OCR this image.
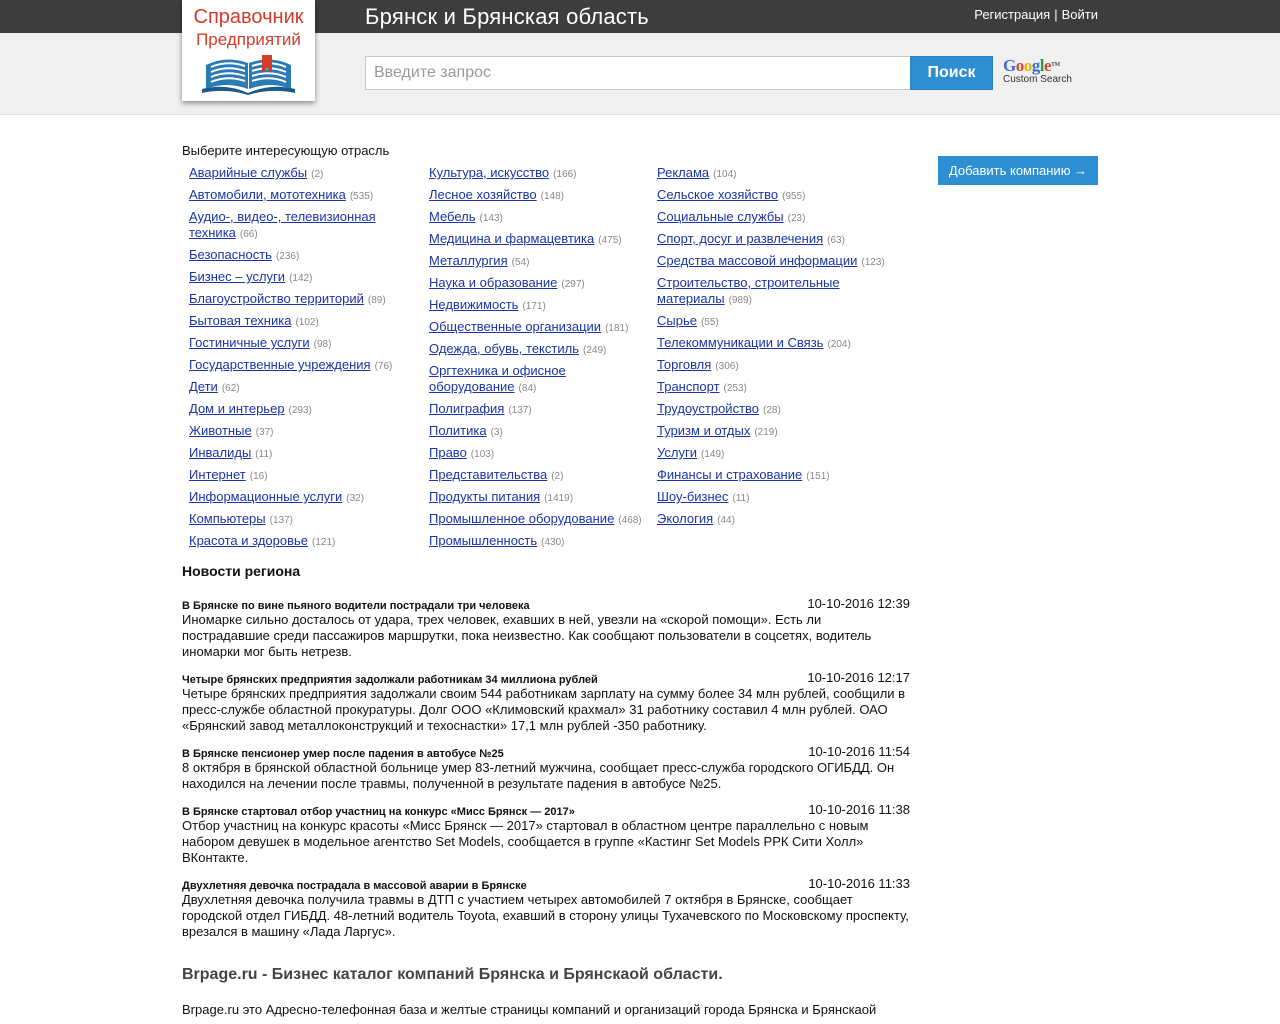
Брянск и Брянская область	Регистрация | Войти
Справочник
Предприятий
Введите запрос
Поиск	Google™
Custom Search
Выберите интересующую отрасль
Аварийные службы (2)
Автомобили, мототехника (535)
Аудио-, видео-, телевизионная техника (66)
Безопасность (236)
Бизнес – услуги (142)
Благоустройство территорий (89)
Бытовая техника (102)
Гостиничные услуги (98)
Государственные учреждения (76)
Дети (62)
Дом и интерьер (293)
Животные (37)
Инвалиды (11)
Интернет (16)
Информационные услуги (32)
Компьютеры (137)
Красота и здоровье (121)
Культура, искусство (166)
Лесное хозяйство (148)
Мебель (143)
Медицина и фармацевтика (475)
Металлургия (54)
Наука и образование (297)
Недвижимость (171)
Общественные организации (181)
Одежда, обувь, текстиль (249)
Оргтехника и офисное оборудование (84)
Полиграфия (137)
Политика (3)
Право (103)
Представительства (2)
Продукты питания (1419)
Промышленное оборудование (468)
Промышленность (430)
Реклама (104)
Сельское хозяйство (955)
Социальные службы (23)
Спорт, досуг и развлечения (63)
Средства массовой информации (123)
Строительство, строительные материалы (989)
Сырье (55)
Телекоммуникации и Связь (204)
Торговля (306)
Транспорт (253)
Трудоустройство (28)
Туризм и отдых (219)
Услуги (149)
Финансы и страхование (151)
Шоу-бизнес (11)
Экология (44)
Добавить компанию →
Новости региона
В Брянске по вине пьяного водители пострадали три человека	10-10-2016 12:39
Иномарке сильно досталось от удара, трех человек, ехавших в ней, увезли на «скорой помощи». Есть ли пострадавшие среди пассажиров маршрутки, пока неизвестно. Как сообщают пользователи в соцсетях, водитель иномарки мог быть нетрезв.
Четыре брянских предприятия задолжали работникам 34 миллиона рублей	10-10-2016 12:17
Четыре брянских предприятия задолжали своим 544 работникам зарплату на сумму более 34 млн рублей, сообщили в пресс-службе областной прокуратуры. Долг ООО «Климовский крахмал» 31 работнику составил 4 млн рублей. ОАО «Брянский завод металлоконструкций и техоснастки» 17,1 млн рублей -350 работнику.
В Брянске пенсионер умер после падения в автобусе №25	10-10-2016 11:54
8 октября в брянской областной больнице умер 83-летний мужчина, сообщает пресс-служба городского ОГИБДД. Он находился на лечении после травмы, полученной в результате падения в автобусе №25.
В Брянске стартовал отбор участниц на конкурс «Мисс Брянск — 2017»	10-10-2016 11:38
Отбор участниц на конкурс красоты «Мисс Брянск — 2017» стартовал в областном центре параллельно с новым набором девушек в модельное агентство Set Models, сообщается в группе «Кастинг Set Models РРК Сити Холл» ВКонтакте.
Двухлетняя девочка пострадала в массовой аварии в Брянске	10-10-2016 11:33
Двухлетняя девочка получила травмы в ДТП с участием четырех автомобилей 7 октября в Брянске, сообщает городской отдел ГИБДД. 48-летний водитель Toyota, ехавший в сторону улицы Тухачевского по Московскому проспекту, врезался в машину «Лада Ларгус».
Brpage.ru - Бизнес каталог компаний Брянска и Брянскаой области.

Brpage.ru это Адресно-телефонная база и желтые страницы компаний и организаций города Брянска и Брянскаой
